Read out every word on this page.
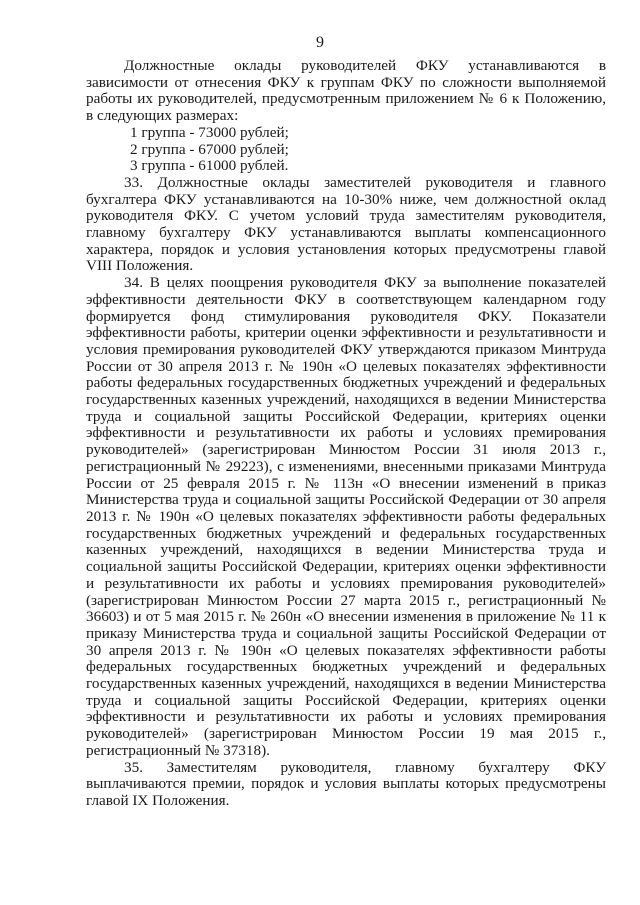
9

Должностные оклады руководителей ФКУ устанавливаются в зависимости от отнесения ФКУ к группам ФКУ по сложности выполняемой работы их руководителей, предусмотренным приложением № 6 к Положению, в следующих размерах:

1 группа - 73000 рублей;
2 группа - 67000 рублей;
3 группа - 61000 рублей.

33. Должностные оклады заместителей руководителя и главного бухгалтера ФКУ устанавливаются на 10-30% ниже, чем должностной оклад руководителя ФКУ. С учетом условий труда заместителям руководителя, главному бухгалтеру ФКУ устанавливаются выплаты компенсационного характера, порядок и условия установления которых предусмотрены главой VIII Положения.

34. В целях поощрения руководителя ФКУ за выполнение показателей эффективности деятельности ФКУ в соответствующем календарном году формируется фонд стимулирования руководителя ФКУ. Показатели эффективности работы, критерии оценки эффективности и результативности и условия премирования руководителей ФКУ утверждаются приказом Минтруда России от 30 апреля 2013 г. № 190н «О целевых показателях эффективности работы федеральных государственных бюджетных учреждений и федеральных государственных казенных учреждений, находящихся в ведении Министерства труда и социальной защиты Российской Федерации, критериях оценки эффективности и результативности их работы и условиях премирования руководителей» (зарегистрирован Минюстом России 31 июля 2013 г., регистрационный № 29223), с изменениями, внесенными приказами Минтруда России от 25 февраля 2015 г. № 113н «О внесении изменений в приказ Министерства труда и социальной защиты Российской Федерации от 30 апреля 2013 г. № 190н «О целевых показателях эффективности работы федеральных государственных бюджетных учреждений и федеральных государственных казенных учреждений, находящихся в ведении Министерства труда и социальной защиты Российской Федерации, критериях оценки эффективности и результативности их работы и условиях премирования руководителей» (зарегистрирован Минюстом России 27 марта 2015 г., регистрационный № 36603) и от 5 мая 2015 г. № 260н «О внесении изменения в приложение № 11 к приказу Министерства труда и социальной защиты Российской Федерации от 30 апреля 2013 г. № 190н «О целевых показателях эффективности работы федеральных государственных бюджетных учреждений и федеральных государственных казенных учреждений, находящихся в ведении Министерства труда и социальной защиты Российской Федерации, критериях оценки эффективности и результативности их работы и условиях премирования руководителей» (зарегистрирован Минюстом России 19 мая 2015 г., регистрационный № 37318).

35. Заместителям руководителя, главному бухгалтеру ФКУ выплачиваются премии, порядок и условия выплаты которых предусмотрены главой IX Положения.
